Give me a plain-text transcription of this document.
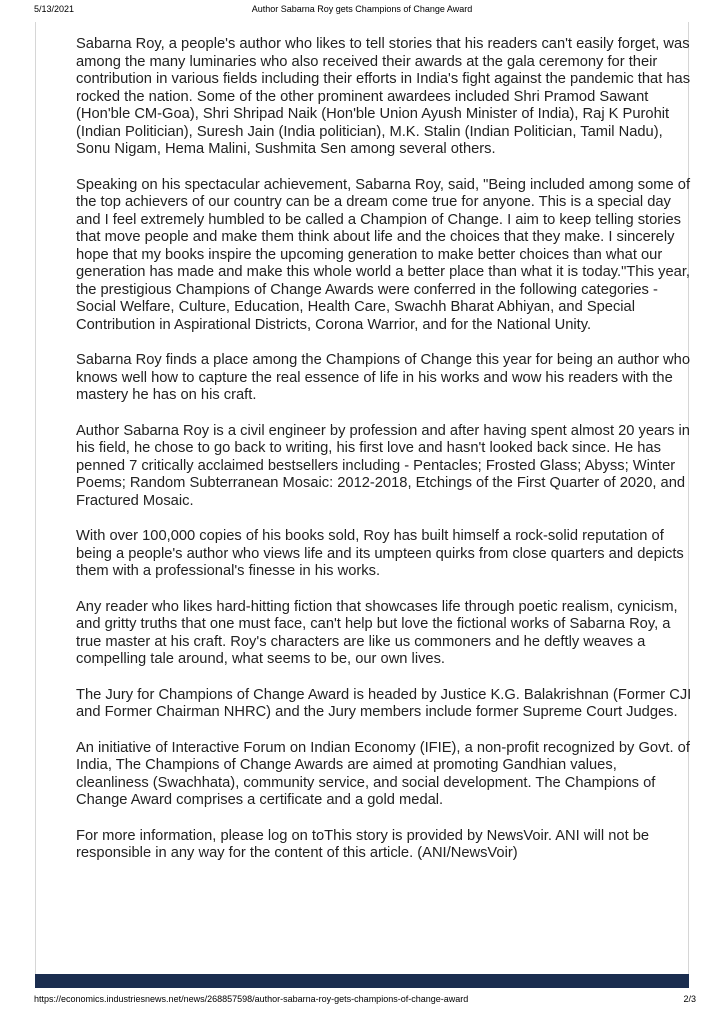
5/13/2021	Author Sabarna Roy gets Champions of Change Award

Sabarna Roy, a people's author who likes to tell stories that his readers can't easily forget, was among the many luminaries who also received their awards at the gala ceremony for their contribution in various fields including their efforts in India's fight against the pandemic that has rocked the nation. Some of the other prominent awardees included Shri Pramod Sawant (Hon'ble CM-Goa), Shri Shripad Naik (Hon'ble Union Ayush Minister of India), Raj K Purohit (Indian Politician), Suresh Jain (India politician), M.K. Stalin (Indian Politician, Tamil Nadu), Sonu Nigam, Hema Malini, Sushmita Sen among several others.

Speaking on his spectacular achievement, Sabarna Roy, said, "Being included among some of the top achievers of our country can be a dream come true for anyone. This is a special day and I feel extremely humbled to be called a Champion of Change. I aim to keep telling stories that move people and make them think about life and the choices that they make. I sincerely hope that my books inspire the upcoming generation to make better choices than what our generation has made and make this whole world a better place than what it is today."This year, the prestigious Champions of Change Awards were conferred in the following categories - Social Welfare, Culture, Education, Health Care, Swachh Bharat Abhiyan, and Special Contribution in Aspirational Districts, Corona Warrior, and for the National Unity.

Sabarna Roy finds a place among the Champions of Change this year for being an author who knows well how to capture the real essence of life in his works and wow his readers with the mastery he has on his craft.

Author Sabarna Roy is a civil engineer by profession and after having spent almost 20 years in his field, he chose to go back to writing, his first love and hasn't looked back since. He has penned 7 critically acclaimed bestsellers including - Pentacles; Frosted Glass; Abyss; Winter Poems; Random Subterranean Mosaic: 2012-2018, Etchings of the First Quarter of 2020, and Fractured Mosaic.

With over 100,000 copies of his books sold, Roy has built himself a rock-solid reputation of being a people's author who views life and its umpteen quirks from close quarters and depicts them with a professional's finesse in his works.

Any reader who likes hard-hitting fiction that showcases life through poetic realism, cynicism, and gritty truths that one must face, can't help but love the fictional works of Sabarna Roy, a true master at his craft. Roy's characters are like us commoners and he deftly weaves a compelling tale around, what seems to be, our own lives.

The Jury for Champions of Change Award is headed by Justice K.G. Balakrishnan (Former CJI and Former Chairman NHRC) and the Jury members include former Supreme Court Judges.

An initiative of Interactive Forum on Indian Economy (IFIE), a non-profit recognized by Govt. of India, The Champions of Change Awards are aimed at promoting Gandhian values, cleanliness (Swachhata), community service, and social development. The Champions of Change Award comprises a certificate and a gold medal.

For more information, please log on toThis story is provided by NewsVoir. ANI will not be responsible in any way for the content of this article. (ANI/NewsVoir)

https://economics.industriesnews.net/news/268857598/author-sabarna-roy-gets-champions-of-change-award	2/3
